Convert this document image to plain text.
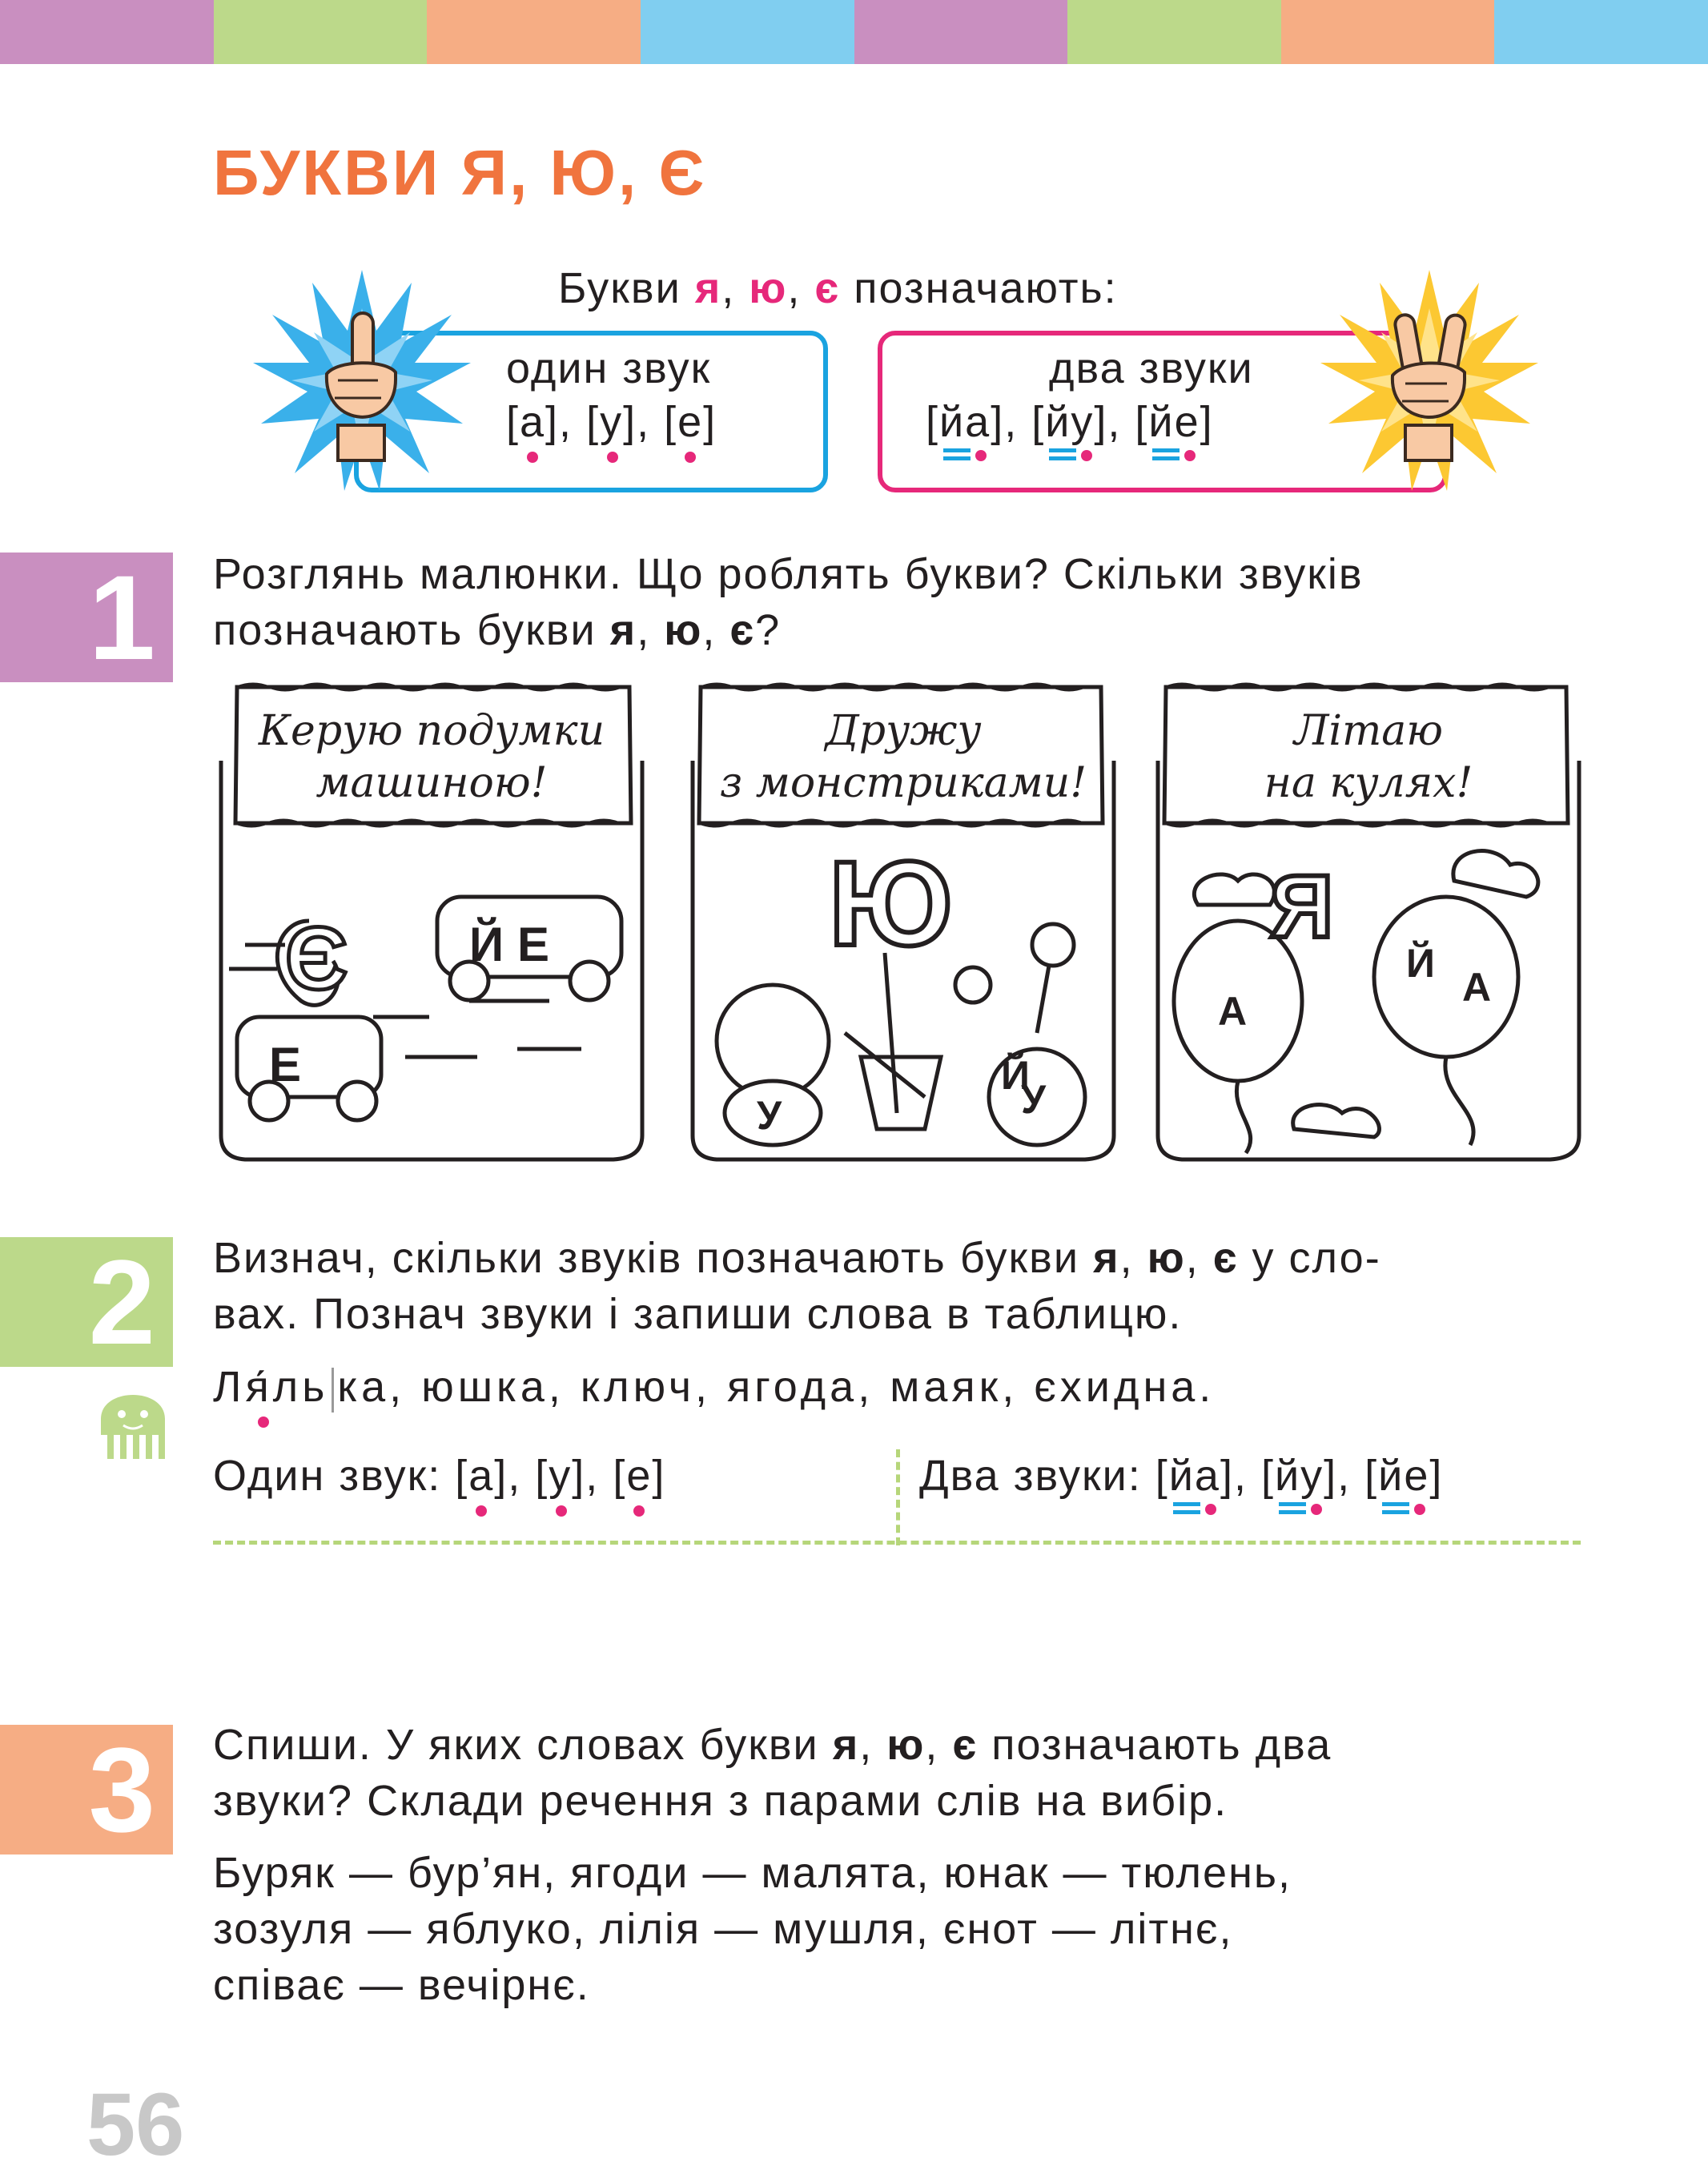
БУКВИ Я, Ю, Є
Букви я, ю, є позначають:
один звук
[а]
, [у]
, [е]
два звуки
[йа]
, [йу]
, [йе]
1 Розглянь малюнки. Що роблять букви? Скільки звуків
позначають букви я, ю, є?
Керую подумки
машиною!
Є	Й Е
Е
Дружу
з монстриками!
Ю
У
Й
У
Літаю
на кулях!
Я
А
Й
А
2 Визнач, скільки звуків позначають букви я, ю, є у сло-
вах. Познач звуки і запиши слова в таблицю.
Ля́ль ка, юшка, ключ, ягода, маяк, єхидна.
Один звук: [а]
, [у]
, [е]	Два звуки: [йа]
, [йу]
, [йе]
3 Спиши. У яких словах букви я, ю, є позначають два
звуки? Склади речення з парами слів на вибір.
Буряк — бур’ян, ягоди — малята, юнак — тюлень,
зозуля — яблуко, лілія — мушля, єнот — літнє,
співає — вечірнє.
56
